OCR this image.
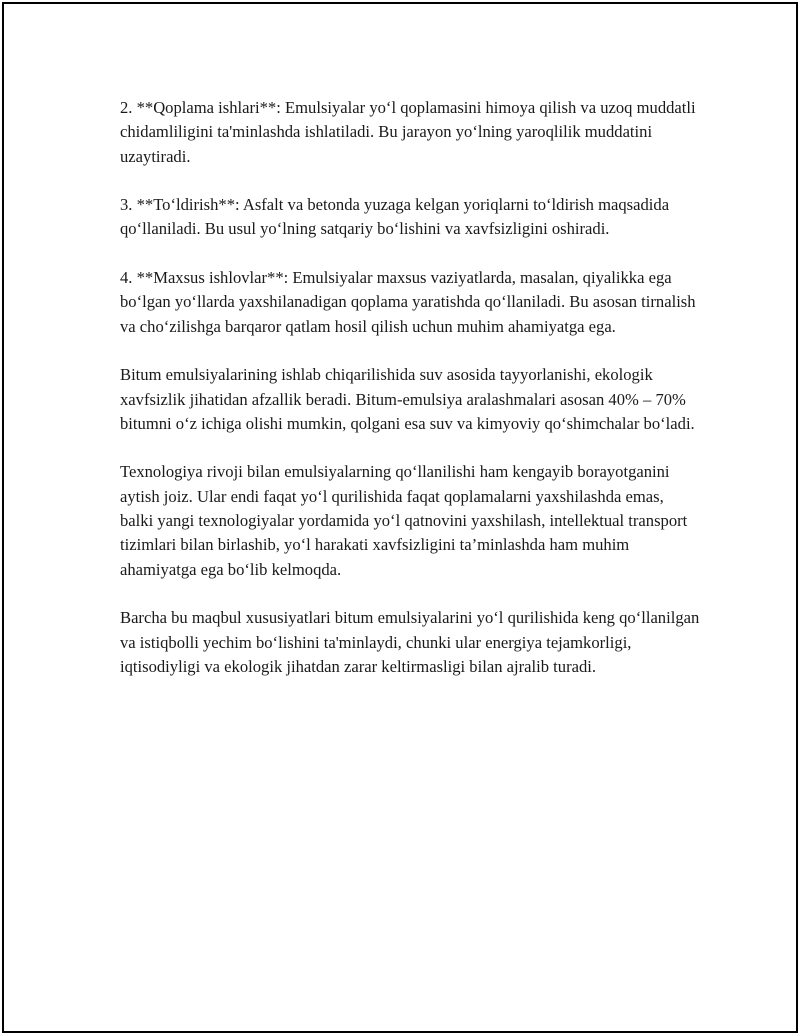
2. **Qoplama ishlari**: Emulsiyalar yo‘l qoplamasini himoya qilish va uzoq muddatli chidamliligini ta'minlashda ishlatiladi. Bu jarayon yo‘lning yaroqlilik muddatini uzaytiradi.

3. **To‘ldirish**: Asfalt va betonda yuzaga kelgan yoriqlarni to‘ldirish maqsadida qo‘llaniladi. Bu usul yo‘lning satqariy bo‘lishini va xavfsizligini oshiradi.

4. **Maxsus ishlovlar**: Emulsiyalar maxsus vaziyatlarda, masalan, qiyalikka ega bo‘lgan yo‘llarda yaxshilanadigan qoplama yaratishda qo‘llaniladi. Bu asosan tirnalish va cho‘zilishga barqaror qatlam hosil qilish uchun muhim ahamiyatga ega.

Bitum emulsiyalarining ishlab chiqarilishida suv asosida tayyorlanishi, ekologik xavfsizlik jihatidan afzallik beradi. Bitum-emulsiya aralashmalari asosan 40% – 70% bitumni o‘z ichiga olishi mumkin, qolgani esa suv va kimyoviy qo‘shimchalar bo‘ladi.

Texnologiya rivoji bilan emulsiyalarning qo‘llanilishi ham kengayib borayotganini aytish joiz. Ular endi faqat yo‘l qurilishida faqat qoplamalarni yaxshilashda emas, balki yangi texnologiyalar yordamida yo‘l qatnovini yaxshilash, intellektual transport tizimlari bilan birlashib, yo‘l harakati xavfsizligini ta’minlashda ham muhim ahamiyatga ega bo‘lib kelmoqda.

Barcha bu maqbul xususiyatlari bitum emulsiyalarini yo‘l qurilishida keng qo‘llanilgan va istiqbolli yechim bo‘lishini ta'minlaydi, chunki ular energiya tejamkorligi, iqtisodiyligi va ekologik jihatdan zarar keltirmasligi bilan ajralib turadi.
